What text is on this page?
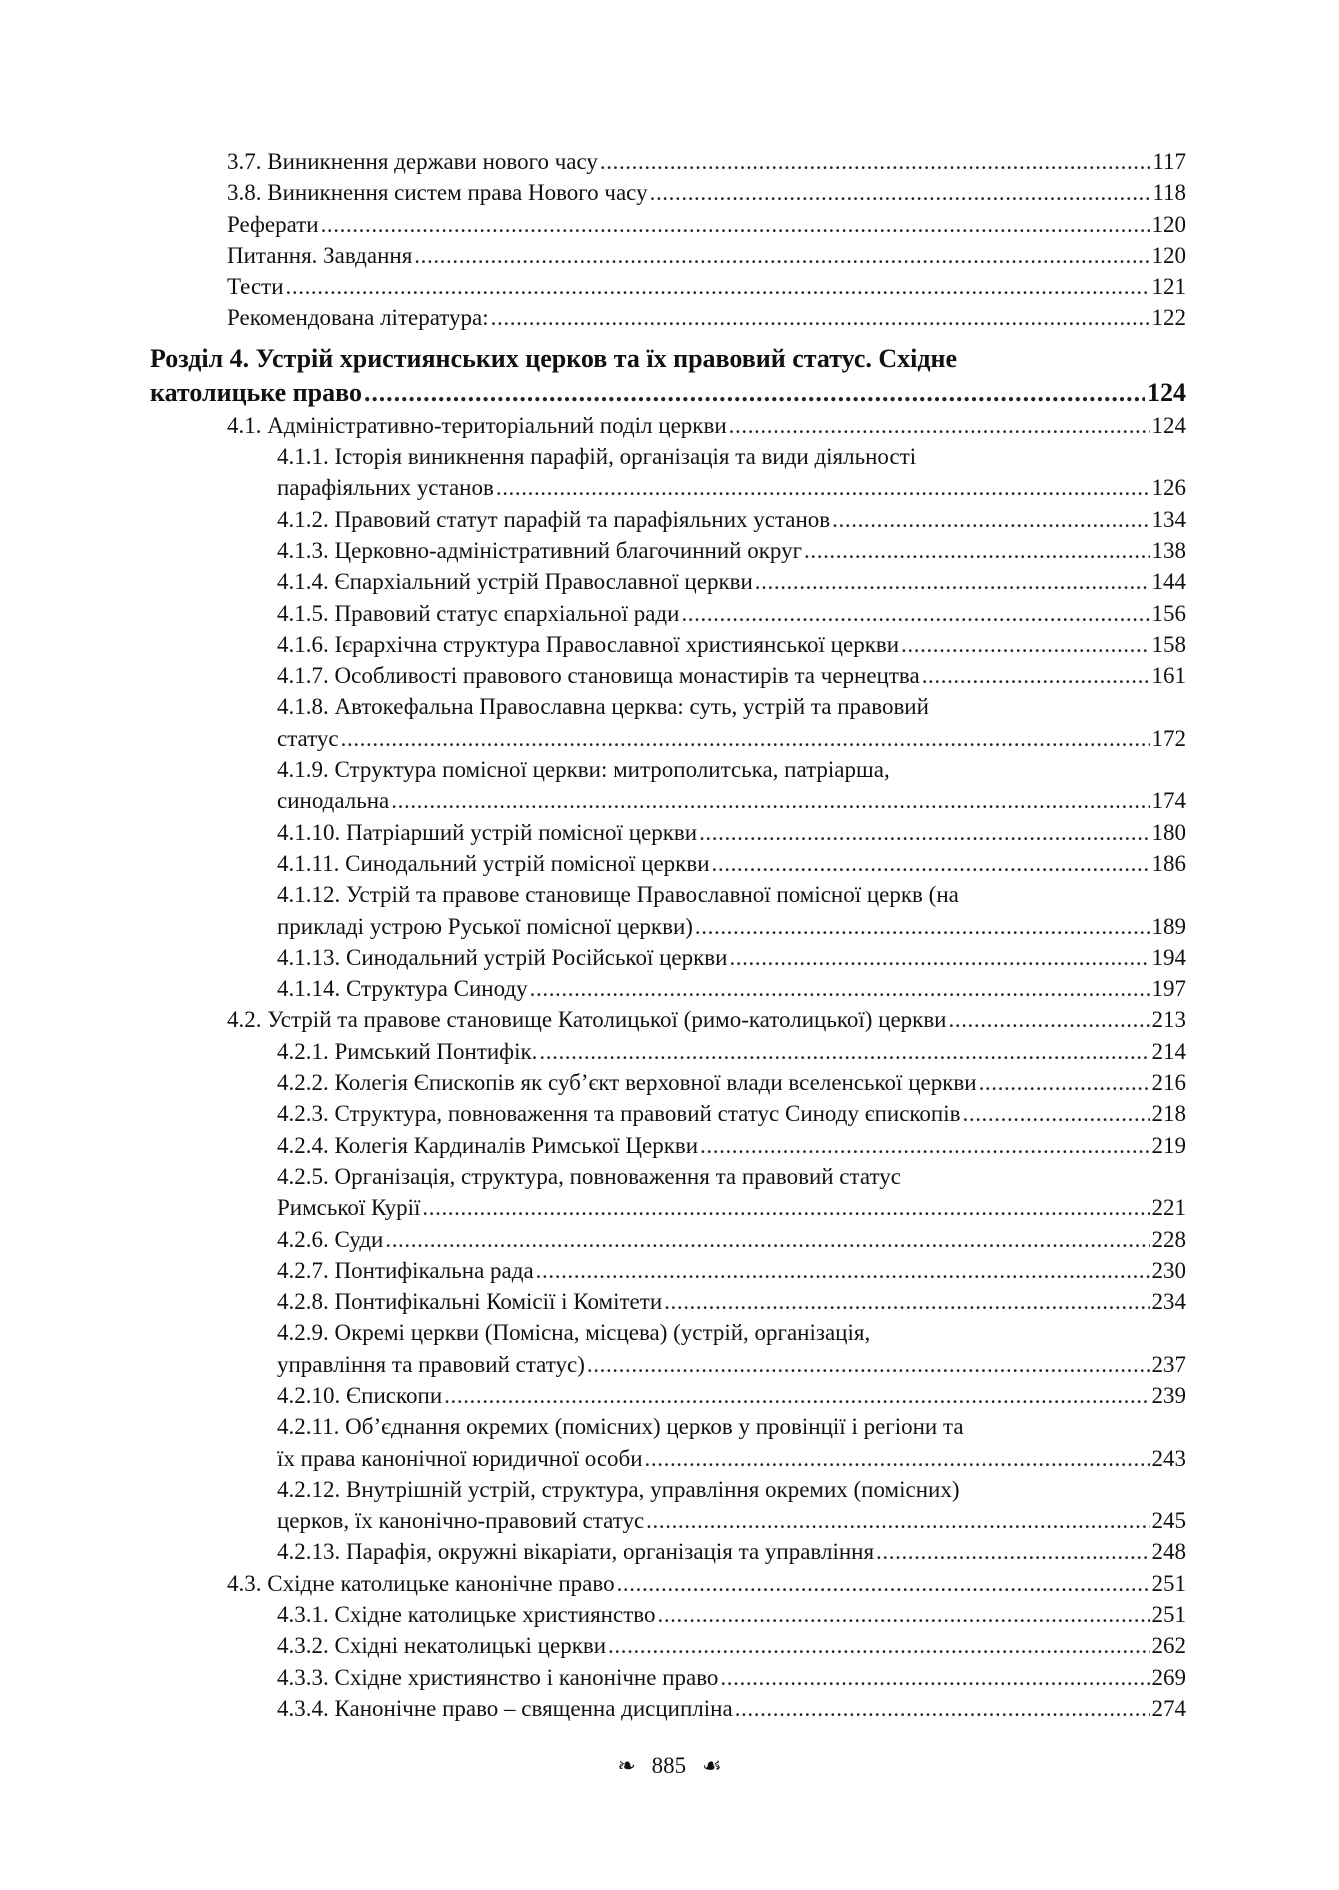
3.7. Виникнення держави нового часу .....	117
3.8. Виникнення систем права Нового часу .....	118
Реферати .....	120
Питання. Завдання .....	120
Тести .....	121
Рекомендована література: .....	122
Розділ 4. Устрій християнських церков та їх правовий статус. Східне
католицьке право .....	124
4.1. Адміністративно-територіальний поділ церкви .....	124
4.1.1. Історія виникнення парафій, організація та види діяльності
парафіяльних установ .....	126
4.1.2. Правовий статут парафій та парафіяльних установ .....	134
4.1.3. Церковно-адміністративний благочинний округ .....	138
4.1.4. Єпархіальний устрій Православної церкви .....	144
4.1.5. Правовий статус єпархіальної ради .....	156
4.1.6. Ієрархічна структура Православної християнської церкви .....	158
4.1.7. Особливості правового становища монастирів та чернецтва .....	161
4.1.8. Автокефальна Православна церква: суть, устрій та правовий
статус .....	172
4.1.9. Структура помісної церкви: митрополитська, патріарша,
синодальна .....	174
4.1.10. Патріарший устрій помісної церкви .....	180
4.1.11. Синодальний устрій помісної церкви .....	186
4.1.12. Устрій та правове становище Православної помісної церкв (на
прикладі устрою Руської помісної церкви) .....	189
4.1.13. Синодальний устрій Російської церкви .....	194
4.1.14. Структура Синоду .....	197
4.2. Устрій та правове становище Католицької (римо-католицької) церкви .....	213
4.2.1. Римський Понтифік. .....	214
4.2.2. Колегія Єпископів як суб’єкт верховної влади вселенської церкви .....	216
4.2.3. Структура, повноваження та правовий статус Синоду єпископів .....	218
4.2.4. Колегія Кардиналів Римської Церкви .....	219
4.2.5. Організація, структура, повноваження та правовий статус
Римської Курії .....	221
4.2.6. Суди .....	228
4.2.7. Понтифікальна рада .....	230
4.2.8. Понтифікальні Комісії і Комітети .....	234
4.2.9. Окремі церкви (Помісна, місцева) (устрій, організація,
управління та правовий статус) .....	237
4.2.10. Єпископи .....	239
4.2.11. Об’єднання окремих (помісних) церков у провінції і регіони та
їх права канонічної юридичної особи .....	243
4.2.12. Внутрішній устрій, структура, управління окремих (помісних)
церков, їх канонічно-правовий статус .....	245
4.2.13. Парафія, окружні вікаріати, організація та управління .....	248
4.3. Східне католицьке канонічне право .....	251
4.3.1. Східне католицьке християнство .....	251
4.3.2. Східні некатолицькі церкви .....	262
4.3.3. Східне християнство і канонічне право .....	269
4.3.4. Канонічне право – священна дисципліна .....	274
❧ 885 ☙
